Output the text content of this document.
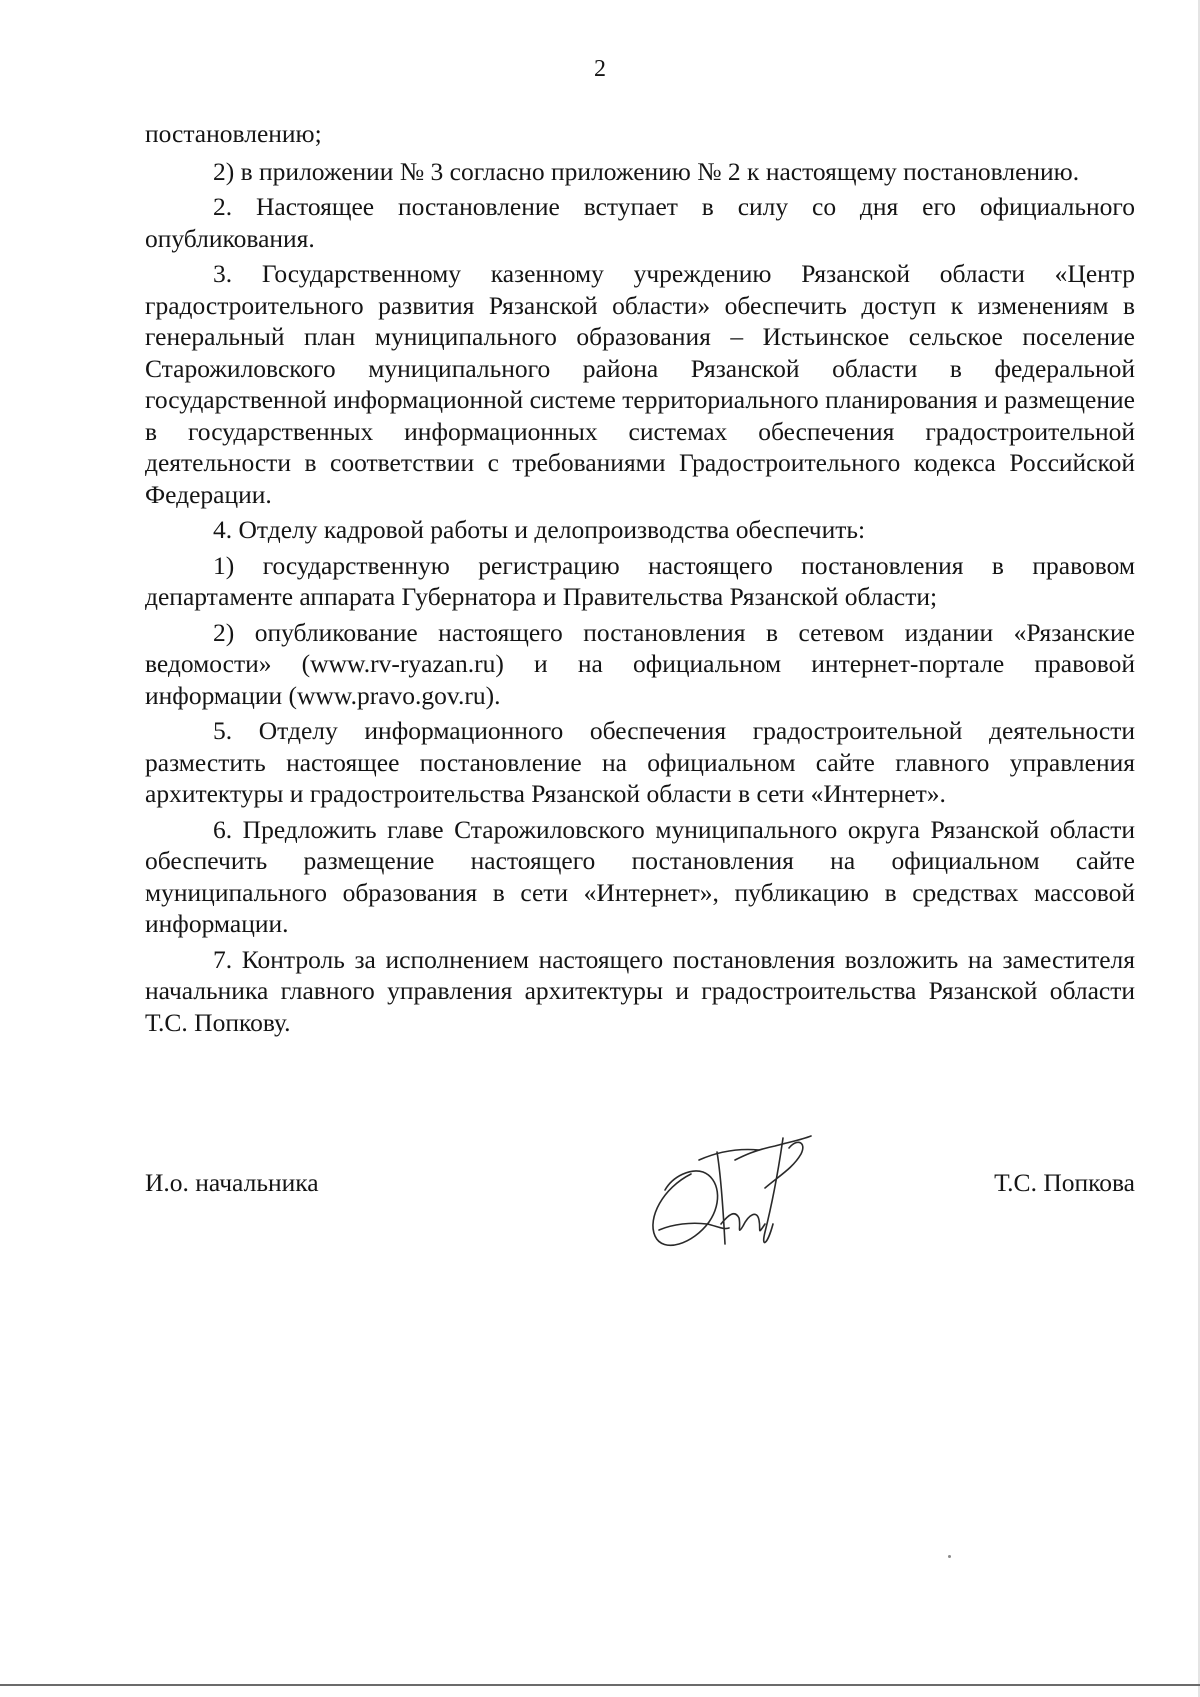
2

постановлению;

2) в приложении № 3 согласно приложению № 2 к настоящему постановлению.

2. Настоящее постановление вступает в силу со дня его официального опубликования.

3. Государственному казенному учреждению Рязанской области «Центр градостроительного развития Рязанской области» обеспечить доступ к изменениям в генеральный план муниципального образования – Истьинское сельское поселение Старожиловского муниципального района Рязанской области в федеральной государственной информационной системе территориального планирования и размещение в государственных информационных системах обеспечения градостроительной деятельности в соответствии с требованиями Градостроительного кодекса Российской Федерации.

4. Отделу кадровой работы и делопроизводства обеспечить:

1) государственную регистрацию настоящего постановления в правовом департаменте аппарата Губернатора и Правительства Рязанской области;

2) опубликование настоящего постановления в сетевом издании «Рязанские ведомости» (www.rv-ryazan.ru) и на официальном интернет-портале правовой информации (www.pravo.gov.ru).

5. Отделу информационного обеспечения градостроительной деятельности разместить настоящее постановление на официальном сайте главного управления архитектуры и градостроительства Рязанской области в сети «Интернет».

6. Предложить главе Старожиловского муниципального округа Рязанской области обеспечить размещение настоящего постановления на официальном сайте муниципального образования в сети «Интернет», публикацию в средствах массовой информации.

7. Контроль за исполнением настоящего постановления возложить на заместителя начальника главного управления архитектуры и градостроительства Рязанской области Т.С. Попкову.

И.о. начальника	Т.С. Попкова
